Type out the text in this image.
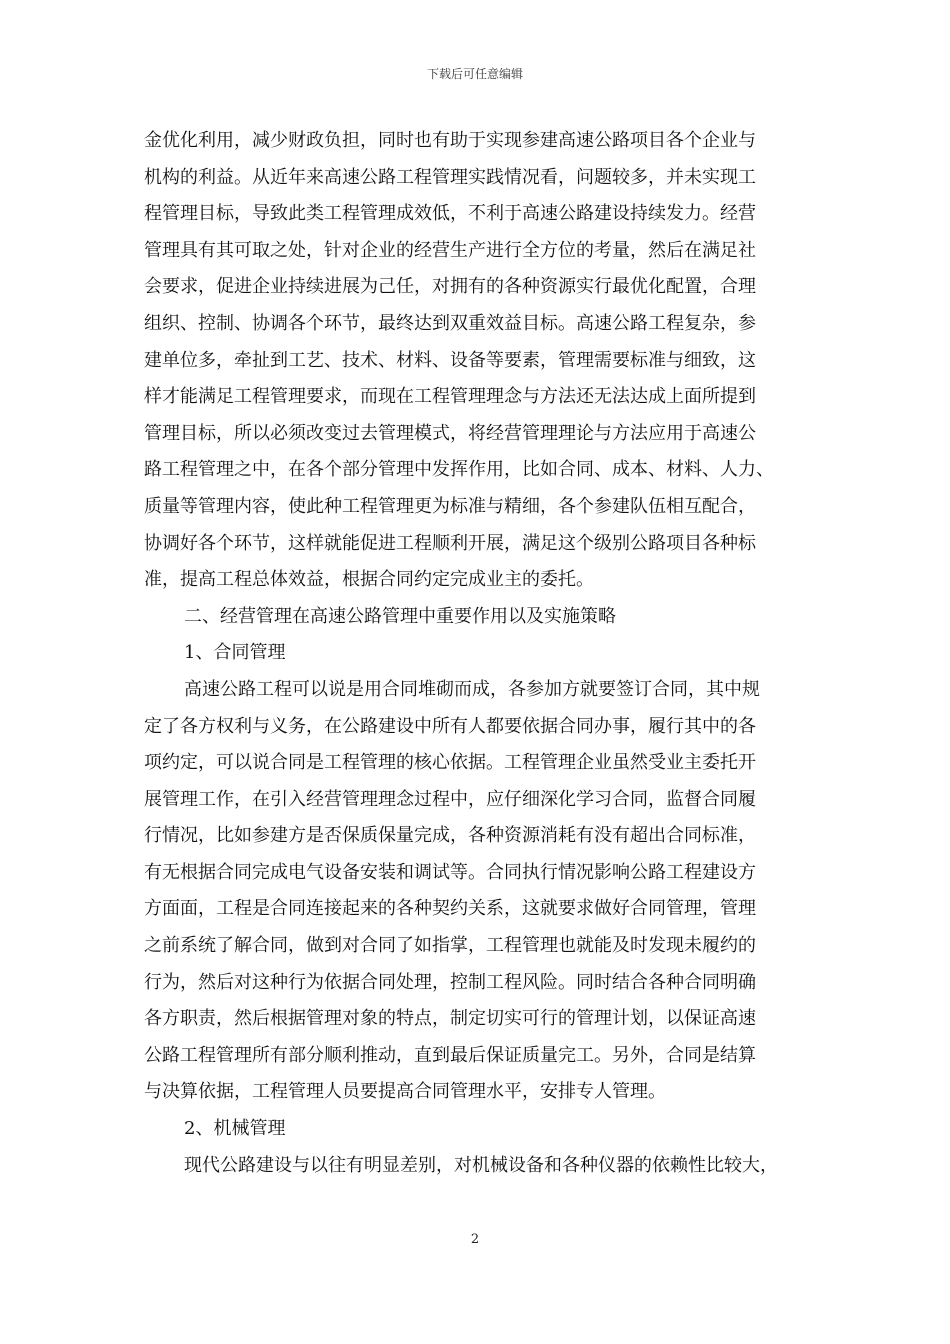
下载后可任意编辑
金优化利用，减少财政负担，同时也有助于实现参建高速公路项目各个企业与
机构的利益。从近年来高速公路工程管理实践情况看，问题较多，并未实现工
程管理目标，导致此类工程管理成效低，不利于高速公路建设持续发力。经营
管理具有其可取之处，针对企业的经营生产进行全方位的考量，然后在满足社
会要求，促进企业持续进展为己任，对拥有的各种资源实行最优化配置，合理
组织、控制、协调各个环节，最终达到双重效益目标。高速公路工程复杂，参
建单位多，牵扯到工艺、技术、材料、设备等要素，管理需要标准与细致，这
样才能满足工程管理要求，而现在工程管理理念与方法还无法达成上面所提到
管理目标，所以必须改变过去管理模式，将经营管理理论与方法应用于高速公
路工程管理之中，在各个部分管理中发挥作用，比如合同、成本、材料、人力、
质量等管理内容，使此种工程管理更为标准与精细，各个参建队伍相互配合，
协调好各个环节，这样就能促进工程顺利开展，满足这个级别公路项目各种标
准，提高工程总体效益，根据合同约定完成业主的委托。
二、经营管理在高速公路管理中重要作用以及实施策略
1、合同管理
高速公路工程可以说是用合同堆砌而成，各参加方就要签订合同，其中规
定了各方权利与义务，在公路建设中所有人都要依据合同办事，履行其中的各
项约定，可以说合同是工程管理的核心依据。工程管理企业虽然受业主委托开
展管理工作，在引入经营管理理念过程中，应仔细深化学习合同，监督合同履
行情况，比如参建方是否保质保量完成，各种资源消耗有没有超出合同标准，
有无根据合同完成电气设备安装和调试等。合同执行情况影响公路工程建设方
方面面，工程是合同连接起来的各种契约关系，这就要求做好合同管理，管理
之前系统了解合同，做到对合同了如指掌，工程管理也就能及时发现未履约的
行为，然后对这种行为依据合同处理，控制工程风险。同时结合各种合同明确
各方职责，然后根据管理对象的特点，制定切实可行的管理计划，以保证高速
公路工程管理所有部分顺利推动，直到最后保证质量完工。另外，合同是结算
与决算依据，工程管理人员要提高合同管理水平，安排专人管理。
2、机械管理
现代公路建设与以往有明显差别，对机械设备和各种仪器的依赖性比较大，
2
